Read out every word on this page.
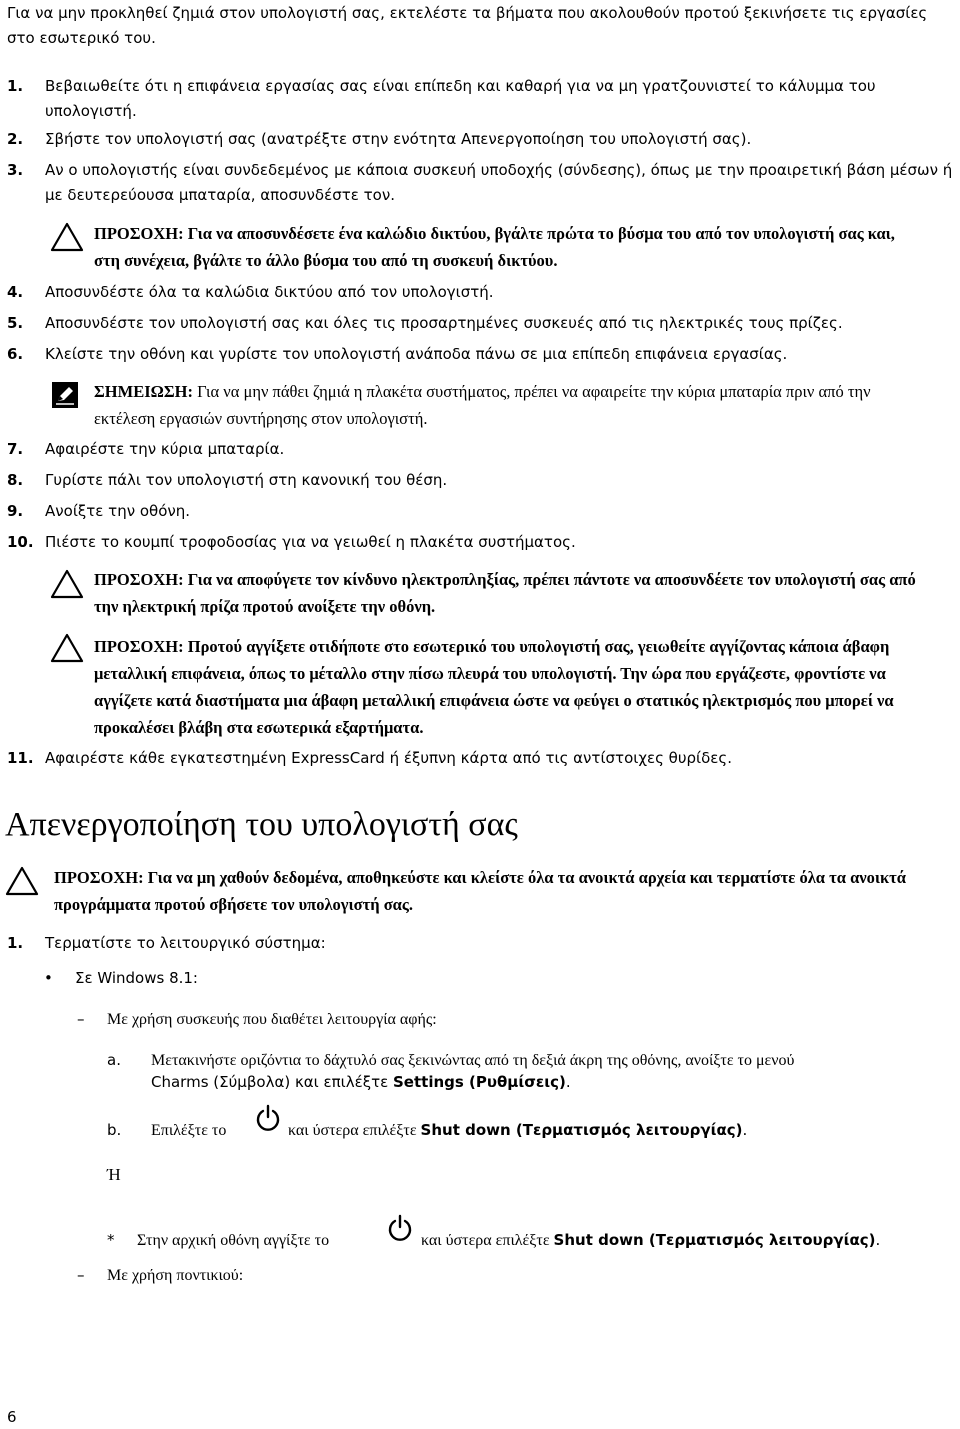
Για να μην προκληθεί ζημιά στον υπολογιστή σας, εκτελέστε τα βήματα που ακολουθούν προτού ξεκινήσετε τις εργασίες στο εσωτερικό του.

1.	Βεβαιωθείτε ότι η επιφάνεια εργασίας σας είναι επίπεδη και καθαρή για να μη γρατζουνιστεί το κάλυμμα του υπολογιστή.

2.	Σβήστε τον υπολογιστή σας (ανατρέξτε στην ενότητα Απενεργοποίηση του υπολογιστή σας).

3.	Αν ο υπολογιστής είναι συνδεδεμένος με κάποια συσκευή υποδοχής (σύνδεσης), όπως με την προαιρετική βάση μέσων ή με δευτερεύουσα μπαταρία, αποσυνδέστε τον.

ΠΡΟΣΟΧΗ: Για να αποσυνδέσετε ένα καλώδιο δικτύου, βγάλτε πρώτα το βύσμα του από τον υπολογιστή σας και, στη συνέχεια, βγάλτε το άλλο βύσμα του από τη συσκευή δικτύου.
4.	Αποσυνδέστε όλα τα καλώδια δικτύου από τον υπολογιστή.

5.	Αποσυνδέστε τον υπολογιστή σας και όλες τις προσαρτημένες συσκευές από τις ηλεκτρικές τους πρίζες.

6.	Κλείστε την οθόνη και γυρίστε τον υπολογιστή ανάποδα πάνω σε μια επίπεδη επιφάνεια εργασίας.

ΣΗΜΕΙΩΣΗ: Για να μην πάθει ζημιά η πλακέτα συστήματος, πρέπει να αφαιρείτε την κύρια μπαταρία πριν από την εκτέλεση εργασιών συντήρησης στον υπολογιστή.
7.	Αφαιρέστε την κύρια μπαταρία.

8.	Γυρίστε πάλι τον υπολογιστή στη κανονική του θέση.

9.	Ανοίξτε την οθόνη.

10. Πιέστε το κουμπί τροφοδοσίας για να γειωθεί η πλακέτα συστήματος.

ΠΡΟΣΟΧΗ: Για να αποφύγετε τον κίνδυνο ηλεκτροπληξίας, πρέπει πάντοτε να αποσυνδέετε τον υπολογιστή σας από την ηλεκτρική πρίζα προτού ανοίξετε την οθόνη.
ΠΡΟΣΟΧΗ: Προτού αγγίξετε οτιδήποτε στο εσωτερικό του υπολογιστή σας, γειωθείτε αγγίζοντας κάποια άβαφη μεταλλική επιφάνεια, όπως το μέταλλο στην πίσω πλευρά του υπολογιστή. Την ώρα που εργάζεστε, φροντίστε να αγγίζετε κατά διαστήματα μια άβαφη μεταλλική επιφάνεια ώστε να φεύγει ο στατικός ηλεκτρισμός που μπορεί να προκαλέσει βλάβη στα εσωτερικά εξαρτήματα.
11. Αφαιρέστε κάθε εγκατεστημένη ExpressCard ή έξυπνη κάρτα από τις αντίστοιχες θυρίδες.

Απενεργοποίηση του υπολογιστή σας
ΠΡΟΣΟΧΗ: Για να μη χαθούν δεδομένα, αποθηκεύστε και κλείστε όλα τα ανοικτά αρχεία και τερματίστε όλα τα ανοικτά προγράμματα προτού σβήσετε τον υπολογιστή σας.
1.	Τερματίστε το λειτουργικό σύστημα:

• Σε Windows 8.1:

– Με χρήση συσκευής που διαθέτει λειτουργία αφής:

a. Μετακινήστε οριζόντια το δάχτυλό σας ξεκινώντας από τη δεξιά άκρη της οθόνης, ανοίξτε το μενού

Charms (Σύμβολα) και επιλέξτε Settings (Ρυθμίσεις).

b. Επιλέξτε το	και ύστερα επιλέξτε Shut down (Τερματισμός λειτουργίας).

Ή

* Στην αρχική οθόνη αγγίξτε το	και ύστερα επιλέξτε Shut down (Τερματισμός λειτουργίας).

– Με χρήση ποντικιού:

6
